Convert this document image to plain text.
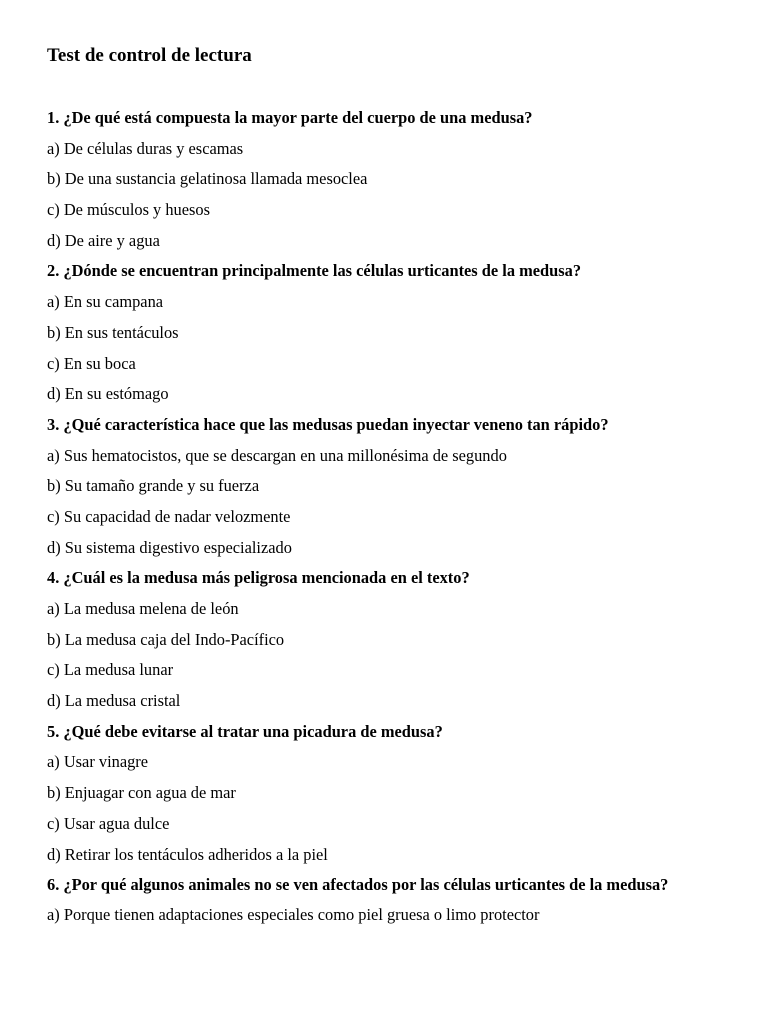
Test de control de lectura

1. ¿De qué está compuesta la mayor parte del cuerpo de una medusa?

a) De células duras y escamas

b) De una sustancia gelatinosa llamada mesoclea

c) De músculos y huesos

d) De aire y agua

2. ¿Dónde se encuentran principalmente las células urticantes de la medusa?

a) En su campana

b) En sus tentáculos

c) En su boca

d) En su estómago

3. ¿Qué característica hace que las medusas puedan inyectar veneno tan rápido?

a) Sus hematocistos, que se descargan en una millonésima de segundo

b) Su tamaño grande y su fuerza

c) Su capacidad de nadar velozmente

d) Su sistema digestivo especializado

4. ¿Cuál es la medusa más peligrosa mencionada en el texto?

a) La medusa melena de león

b) La medusa caja del Indo-Pacífico

c) La medusa lunar

d) La medusa cristal

5. ¿Qué debe evitarse al tratar una picadura de medusa?

a) Usar vinagre

b) Enjuagar con agua de mar

c) Usar agua dulce

d) Retirar los tentáculos adheridos a la piel

6. ¿Por qué algunos animales no se ven afectados por las células urticantes de la medusa?

a) Porque tienen adaptaciones especiales como piel gruesa o limo protector
